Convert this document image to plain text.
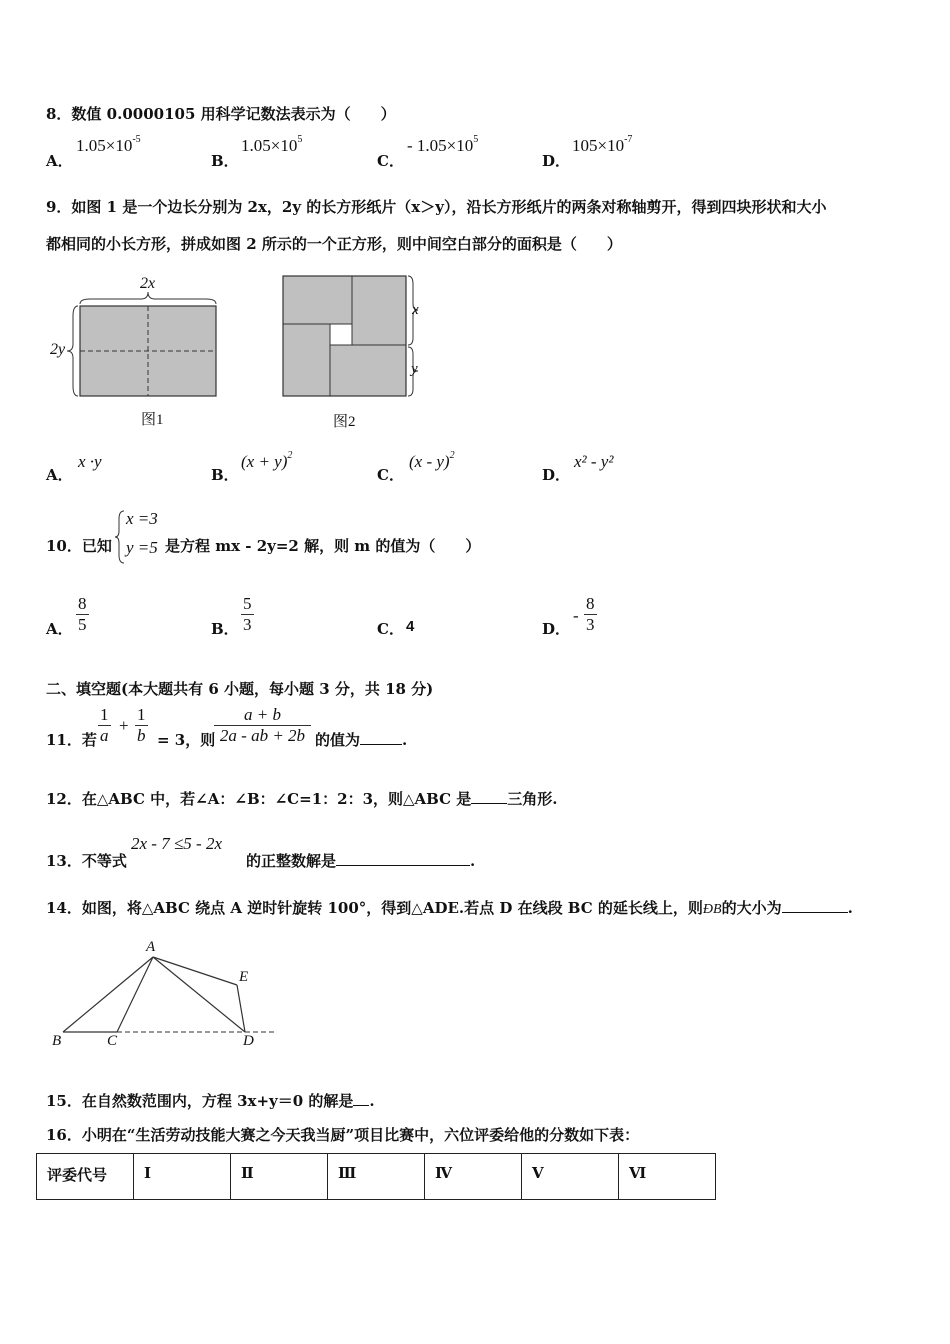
8．数值 0.0000105 用科学记数法表示为（　　）
A．
$1.05\times 10^{-5}$
B．
$1.05\times 10^5$
C．
- $1.05\times 10^5$
D．
$105\times 10^{-7}$
9．如图 1 是一个边长分别为 2x，2y 的长方形纸片（x＞y），沿长方形纸片的两条对称轴剪开，得到四块形状和大小
都相同的小长方形，拼成如图 2 所示的一个正方形，则中间空白部分的面积是（　　）
2x
2y
图1
x
y
图2
A．
x ·y
B．
$(x + y)^2$
C．
(x - y)$^2$
D．
x² - y²
10．已知
x =3
y =5 是方程 mx - 2y=2 解，则 m 的值为（　　）
A． $\frac{8}{5}$	B． $\frac{5}{3}$	C． 4	D．
- $\frac{8}{3}$
二、填空题(本大题共有 6 小题，每小题 3 分，共 18 分)
11．若 $\frac{1}{a} + \frac{1}{b} = 3$，则
$\frac{a + b}{2a - ab + 2b}$ 的值为	.
12．在△ABC 中，若∠A：∠B：∠C=1：2：3，则△ABC 是 三角形.
13．不等式
2x - 7 ≤5 - 2x
的正整数解是	.
14．如图，将△ABC 绕点 A 逆时针旋转 100°，得到△ADE.若点 D 在线段 BC 的延长线上，则ÐB的大小为	.
A
B	C	D
E
15．在自然数范围内，方程 3x+y＝0 的解是 .
16．小明在“生活劳动技能大赛之今天我当厨”项目比赛中，六位评委给他的分数如下表：
评委代号	Ⅰ	Ⅱ	Ⅲ	Ⅳ	Ⅴ	Ⅵ
